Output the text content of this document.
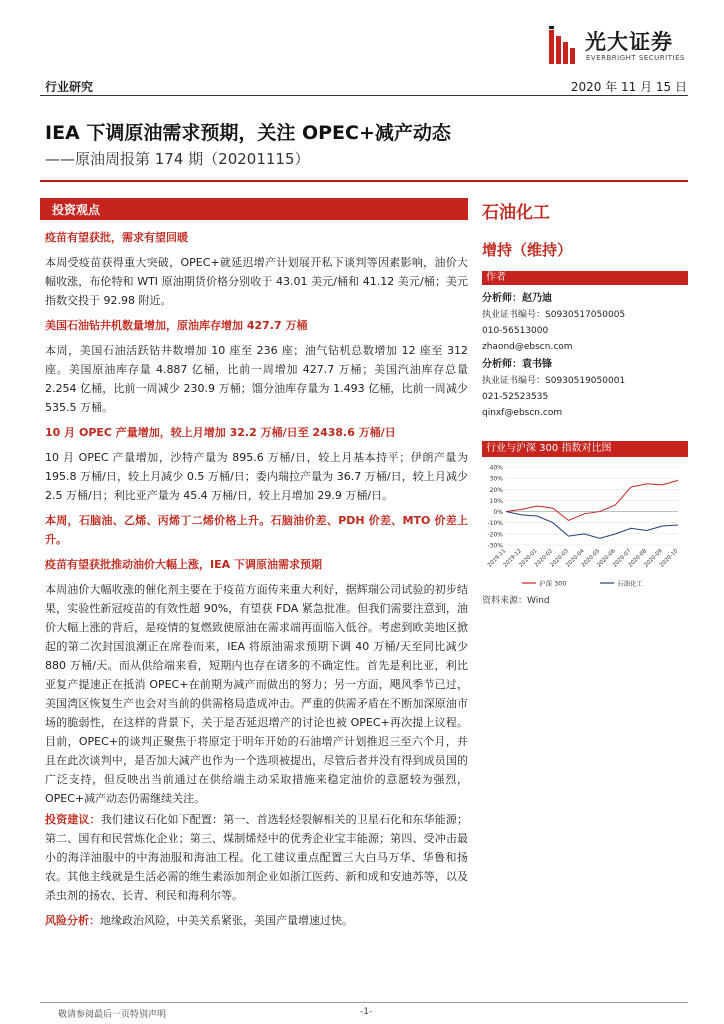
光大证券
EVERBRIGHT SECURITIES
行业研究	2020 年 11 月 15 日
IEA 下调原油需求预期，关注 OPEC+减产动态
——原油周报第 174 期（20201115）
投资观点

疫苗有望获批，需求有望回暖

本周受疫苗获得重大突破，OPEC+就延迟增产计划展开私下谈判等因素影响，油价大幅收涨，布伦特和 WTI 原油期货价格分别收于 43.01 美元/桶和 41.12 美元/桶；美元指数交投于 92.98 附近。

美国石油钻井机数量增加，原油库存增加 427.7 万桶

本周，美国石油活跃钻井数增加 10 座至 236 座；油气钻机总数增加 12 座至 312 座。美国原油库存量 4.887 亿桶，比前一周增加 427.7 万桶；美国汽油库存总量 2.254 亿桶，比前一周减少 230.9 万桶；馏分油库存量为 1.493 亿桶，比前一周减少 535.5 万桶。

10 月 OPEC 产量增加，较上月增加 32.2 万桶/日至 2438.6 万桶/日

10 月 OPEC 产量增加，沙特产量为 895.6 万桶/日，较上月基本持平；伊朗产量为 195.8 万桶/日，较上月减少 0.5 万桶/日；委内瑞拉产量为 36.7 万桶/日，较上月减少 2.5 万桶/日；利比亚产量为 45.4 万桶/日，较上月增加 29.9 万桶/日。

本周，石脑油、乙烯、丙烯丁二烯价格上升。石脑油价差、PDH 价差、MTO 价差上升。

疫苗有望获批推动油价大幅上涨，IEA 下调原油需求预期

本周油价大幅收涨的催化剂主要在于疫苗方面传来重大利好，据辉瑞公司试验的初步结果，实验性新冠疫苗的有效性超 90%，有望获 FDA 紧急批准。但我们需要注意到，油价大幅上涨的背后，是疫情的复燃致使原油在需求端再面临入低谷。考虑到欧美地区掀起的第二次封国浪潮正在席卷而来，IEA 将原油需求预期下调 40 万桶/天至同比减少 880 万桶/天。而从供给端来看，短期内也存在诸多的不确定性。首先是利比亚，利比亚复产提速正在抵消 OPEC+在前期为减产而做出的努力；另一方面，飓风季节已过，美国湾区恢复生产也会对当前的供需格局造成冲击。严重的供需矛盾在不断加深原油市场的脆弱性，在这样的背景下，关于是否延迟增产的讨论也被 OPEC+再次提上议程。目前，OPEC+的谈判正聚焦于将原定于明年开始的石油增产计划推迟三至六个月，并且在此次谈判中，是否加大减产也作为一个选项被提出，尽管后者并没有得到成员国的广泛支持，但反映出当前通过在供给端主动采取措施来稳定油价的意愿较为强烈，OPEC+减产动态仍需继续关注。

投资建议：我们建议石化如下配置：第一、首选轻烃裂解相关的卫星石化和东华能源；第二、国有和民营炼化企业；第三、煤制烯烃中的优秀企业宝丰能源；第四、受冲击最小的海洋油服中的中海油服和海油工程。化工建议重点配置三大白马万华、华鲁和扬农。其他主线就是生活必需的维生素添加剂企业如浙江医药、新和成和安迪苏等，以及杀虫剂的扬农、长青、利民和海利尔等。

风险分析：地缘政治风险，中美关系紧张，美国产量增速过快。

石油化工
增持（维持）
作者
分析师：赵乃迪
执业证书编号：S0930517050005
010-56513000
zhaond@ebscn.com
分析师：袁书锋
执业证书编号：S0930519050001
021-52523535
qinxf@ebscn.com
行业与沪深 300 指数对比图
40%
30%
20%
10%
0%
-10%
-20%
-30%
2019-11
2019-12
2020-01
2020-02
2020-03
2020-04
2020-05
2020-06
2020-07
2020-08
2020-09
2020-10
沪深 300	石油化工
资料来源：Wind
敬请参阅最后一页特别声明	-1-
